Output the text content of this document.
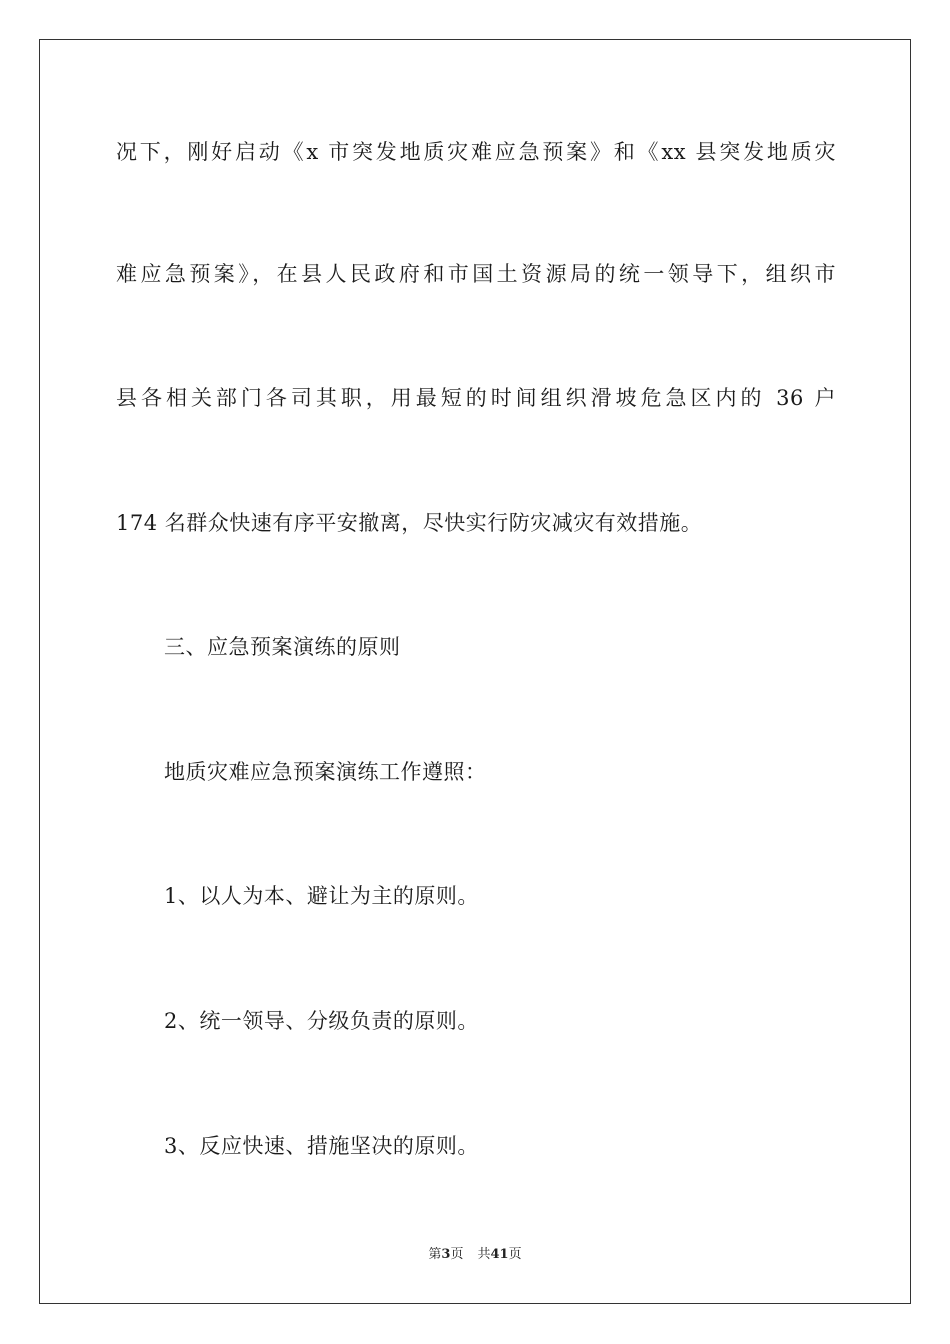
况下，刚好启动《x 市突发地质灾难应急预案》和《xx 县突发地质灾
难应急预案》，在县人民政府和市国土资源局的统一领导下，组织市
县各相关部门各司其职，用最短的时间组织滑坡危急区内的 36 户
174 名群众快速有序平安撤离，尽快实行防灾减灾有效措施。
三、应急预案演练的原则
地质灾难应急预案演练工作遵照：
1、以人为本、避让为主的原则。
2、统一领导、分级负责的原则。
3、反应快速、措施坚决的原则。
第3页 共41页
